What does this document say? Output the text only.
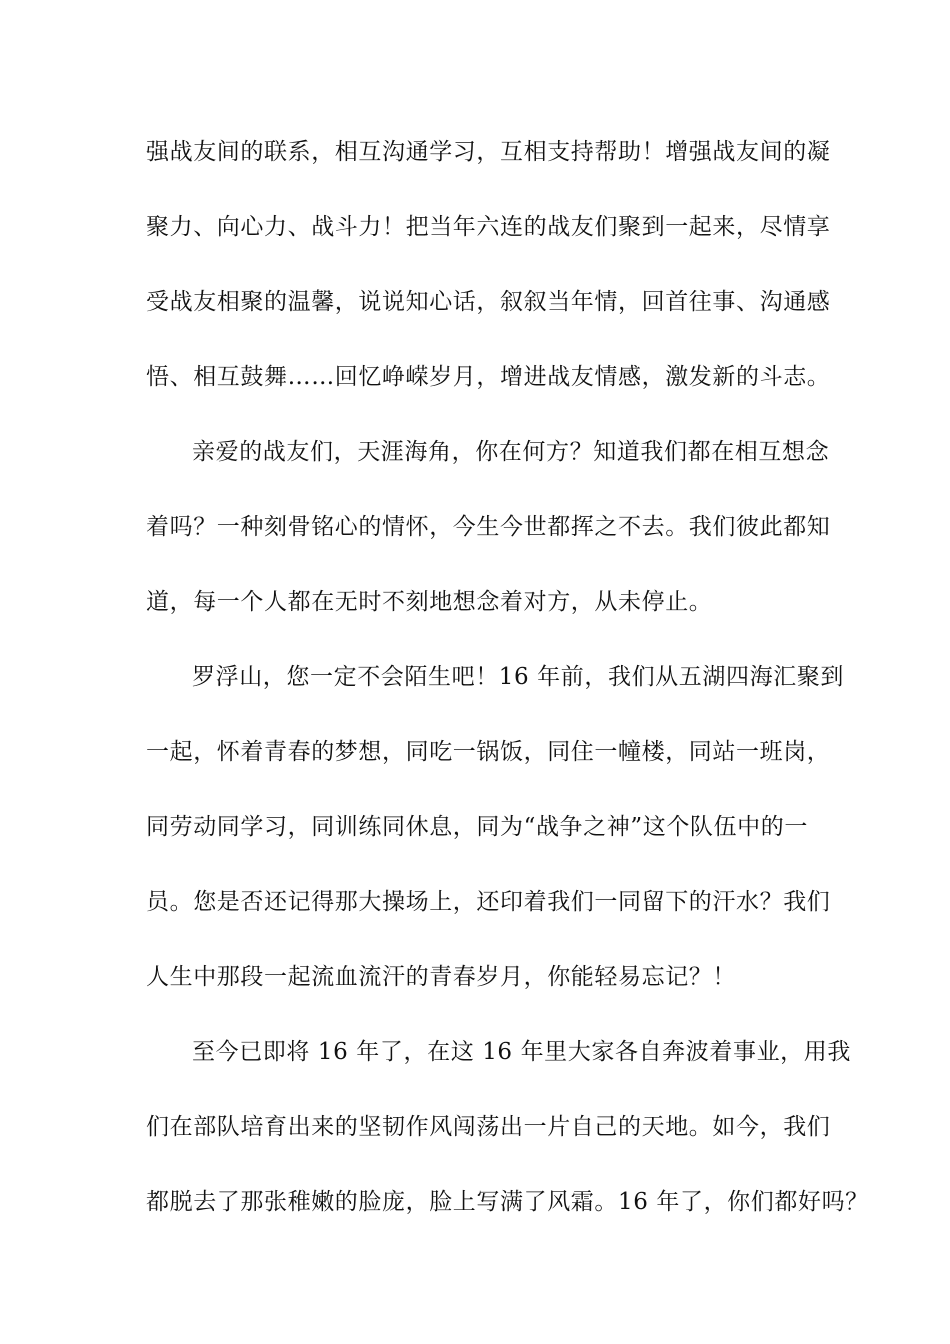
强战友间的联系，相互沟通学习，互相支持帮助！增强战友间的凝
聚力、向心力、战斗力！把当年六连的战友们聚到一起来，尽情享
受战友相聚的温馨，说说知心话，叙叙当年情，回首往事、沟通感
悟、相互鼓舞……回忆峥嵘岁月，增进战友情感，激发新的斗志。
亲爱的战友们，天涯海角，你在何方？知道我们都在相互想念
着吗？一种刻骨铭心的情怀，今生今世都挥之不去。我们彼此都知
道，每一个人都在无时不刻地想念着对方，从未停止。
罗浮山，您一定不会陌生吧！16 年前，我们从五湖四海汇聚到
一起，怀着青春的梦想，同吃一锅饭，同住一幢楼，同站一班岗，
同劳动同学习，同训练同休息，同为“战争之神”这个队伍中的一
员。您是否还记得那大操场上，还印着我们一同留下的汗水？我们
人生中那段一起流血流汗的青春岁月，你能轻易忘记？！
至今已即将 16 年了，在这 16 年里大家各自奔波着事业，用我
们在部队培育出来的坚韧作风闯荡出一片自己的天地。如今，我们
都脱去了那张稚嫩的脸庞，脸上写满了风霜。16 年了，你们都好吗？
